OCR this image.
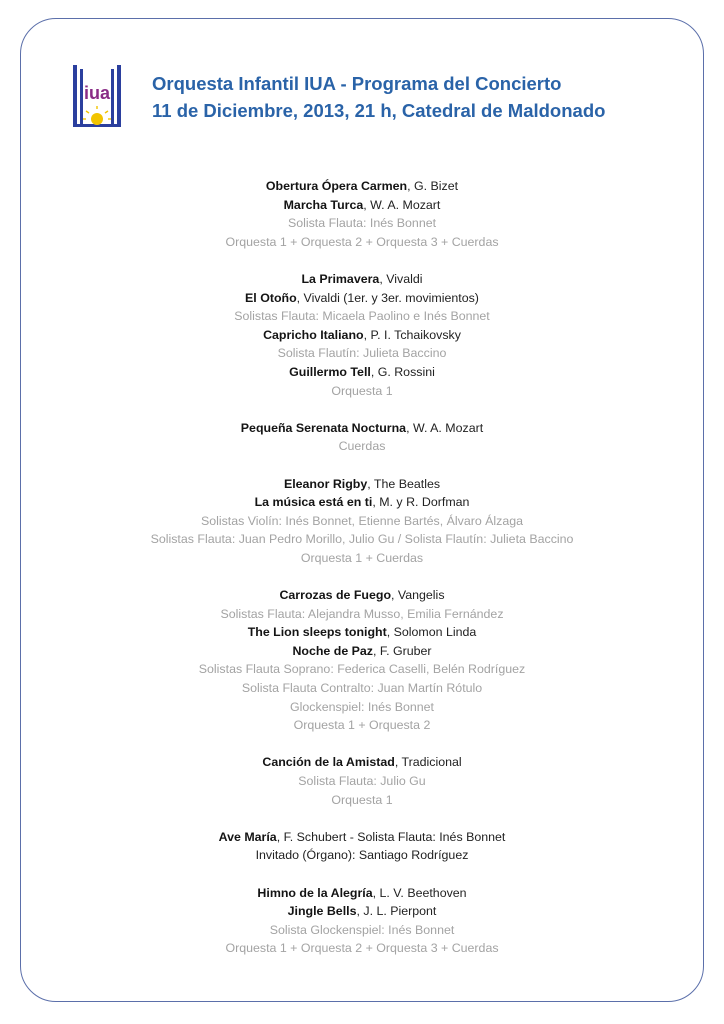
iua Orquesta Infantil IUA - Programa del Concierto
11 de Diciembre, 2013, 21 h, Catedral de Maldonado
Obertura Ópera Carmen, G. Bizet
Marcha Turca, W. A. Mozart
Solista Flauta: Inés Bonnet
Orquesta 1 + Orquesta 2 + Orquesta 3 + Cuerdas
La Primavera, Vivaldi
El Otoño, Vivaldi (1er. y 3er. movimientos)
Solistas Flauta: Micaela Paolino e Inés Bonnet
Capricho Italiano, P. I. Tchaikovsky
Solista Flautín: Julieta Baccino
Guillermo Tell, G. Rossini
Orquesta 1
Pequeña Serenata Nocturna, W. A. Mozart
Cuerdas
Eleanor Rigby, The Beatles
La música está en ti, M. y R. Dorfman
Solistas Violín: Inés Bonnet, Etienne Bartés, Álvaro Álzaga
Solistas Flauta: Juan Pedro Morillo, Julio Gu / Solista Flautín: Julieta Baccino
Orquesta 1 + Cuerdas
Carrozas de Fuego, Vangelis
Solistas Flauta: Alejandra Musso, Emilia Fernández
The Lion sleeps tonight, Solomon Linda
Noche de Paz, F. Gruber
Solistas Flauta Soprano: Federica Caselli, Belén Rodríguez
Solista Flauta Contralto: Juan Martín Rótulo
Glockenspiel: Inés Bonnet
Orquesta 1 + Orquesta 2
Canción de la Amistad, Tradicional
Solista Flauta: Julio Gu
Orquesta 1
Ave María, F. Schubert - Solista Flauta: Inés Bonnet
Invitado (Órgano): Santiago Rodríguez
Himno de la Alegría, L. V. Beethoven
Jingle Bells, J. L. Pierpont
Solista Glockenspiel: Inés Bonnet
Orquesta 1 + Orquesta 2 + Orquesta 3 + Cuerdas
